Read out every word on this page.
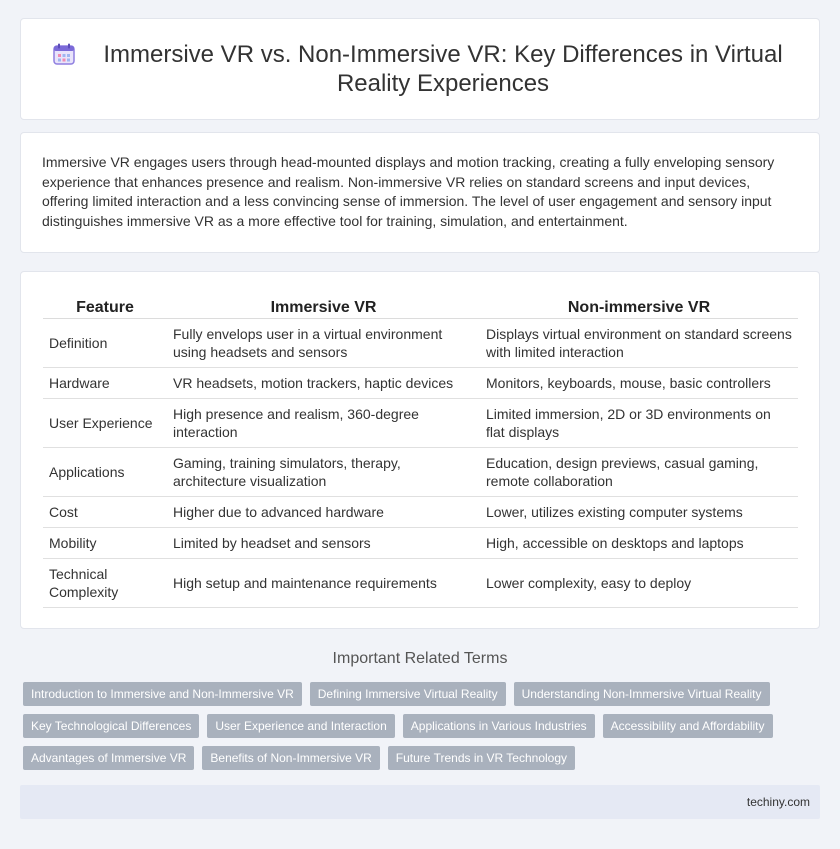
Immersive VR vs. Non-Immersive VR: Key Differences in Virtual Reality Experiences

Immersive VR engages users through head-mounted displays and motion tracking, creating a fully enveloping sensory experience that enhances presence and realism. Non-immersive VR relies on standard screens and input devices, offering limited interaction and a less convincing sense of immersion. The level of user engagement and sensory input distinguishes immersive VR as a more effective tool for training, simulation, and entertainment.

Feature	Immersive VR	Non-immersive VR
Definition	Fully envelops user in a virtual environment using headsets and sensors	Displays virtual environment on standard screens with limited interaction
Hardware	VR headsets, motion trackers, haptic devices	Monitors, keyboards, mouse, basic controllers
User Experience	High presence and realism, 360-degree interaction	Limited immersion, 2D or 3D environments on flat displays
Applications	Gaming, training simulators, therapy, architecture visualization	Education, design previews, casual gaming, remote collaboration
Cost	Higher due to advanced hardware	Lower, utilizes existing computer systems
Mobility	Limited by headset and sensors	High, accessible on desktops and laptops
Technical Complexity	High setup and maintenance requirements	Lower complexity, easy to deploy
Important Related Terms
Introduction to Immersive and Non-Immersive VR	Defining Immersive Virtual Reality	Understanding Non-Immersive Virtual Reality
Key Technological Differences	User Experience and Interaction	Applications in Various Industries	Accessibility and Affordability
Advantages of Immersive VR	Benefits of Non-Immersive VR	Future Trends in VR Technology
techiny.com
